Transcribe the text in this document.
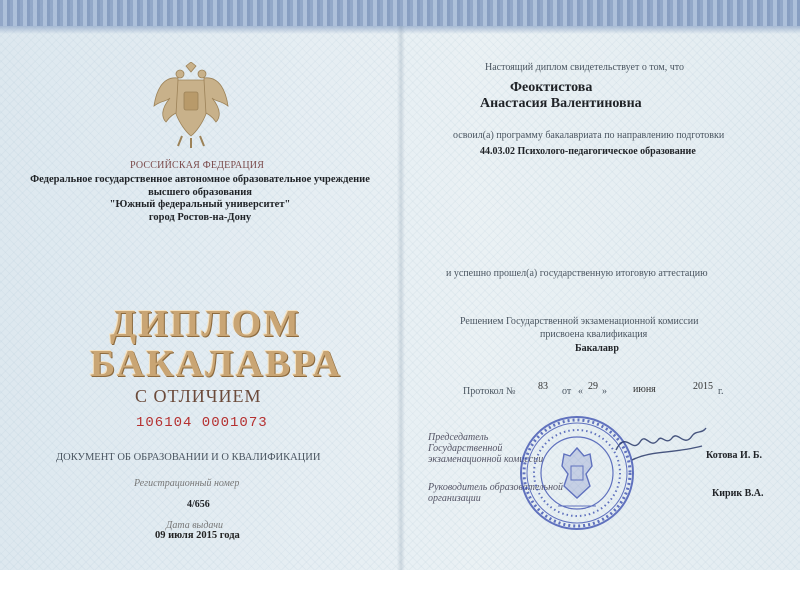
РОССИЙСКАЯ ФЕДЕРАЦИЯ
Федеральное государственное автономное образовательное учреждение
высшего образования
"Южный федеральный университет"
город Ростов-на-Дону
ДИПЛОМ
БАКАЛАВРА
С ОТЛИЧИЕМ
106104 0001073
ДОКУМЕНТ ОБ ОБРАЗОВАНИИ И О КВАЛИФИКАЦИИ
Регистрационный номер
4/656
Дата выдачи
09 июля 2015 года
Настоящий диплом свидетельствует о том, что
Феоктистова
Анастасия Валентиновна
освоил(а) программу бакалавриата по направлению подготовки
44.03.02 Психолого-педагогическое образование
и успешно прошел(а) государственную итоговую аттестацию
Решением Государственной экзаменационной комиссии
присвоена квалификация
Бакалавр
Протокол № 83 от « 29 »	июня	2015 г.
Председатель Государственной экзаменационной комиссии	Котова И. Б.
Руководитель образовательной организации	Кирик В.А.
